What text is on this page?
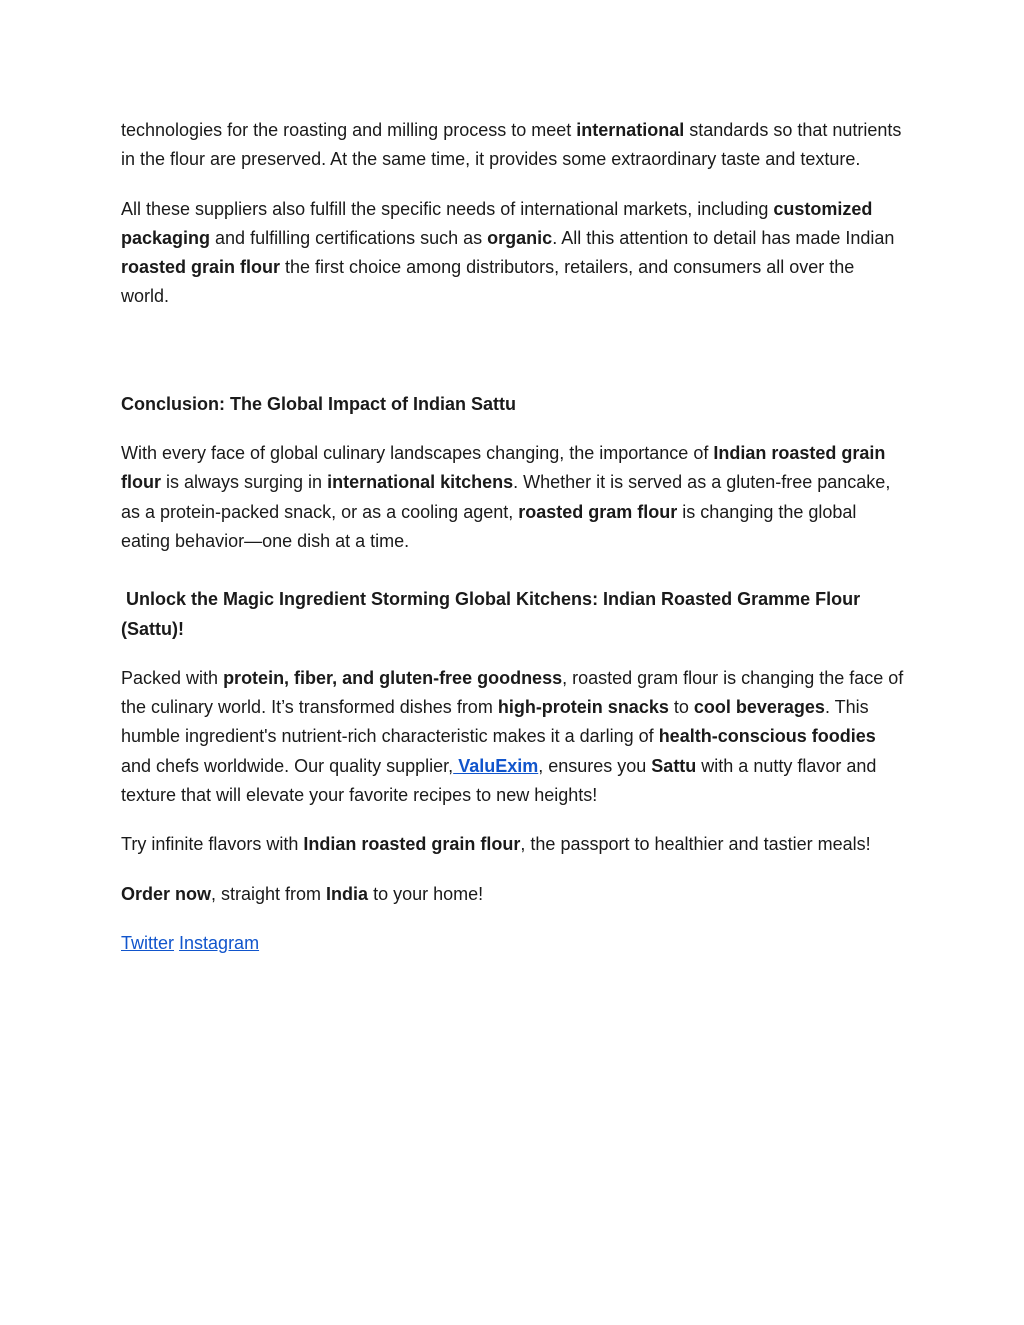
technologies for the roasting and milling process to meet international standards so that nutrients in the flour are preserved. At the same time, it provides some extraordinary taste and texture.

All these suppliers also fulfill the specific needs of international markets, including customized packaging and fulfilling certifications such as organic. All this attention to detail has made Indian roasted grain flour the first choice among distributors, retailers, and consumers all over the world.

Conclusion: The Global Impact of Indian Sattu

With every face of global culinary landscapes changing, the importance of Indian roasted grain flour is always surging in international kitchens. Whether it is served as a gluten-free pancake, as a protein-packed snack, or as a cooling agent, roasted gram flour is changing the global eating behavior—one dish at a time.

Unlock the Magic Ingredient Storming Global Kitchens: Indian Roasted Gramme Flour (Sattu)!

Packed with protein, fiber, and gluten-free goodness, roasted gram flour is changing the face of the culinary world. It’s transformed dishes from high-protein snacks to cool beverages. This humble ingredient's nutrient-rich characteristic makes it a darling of health-conscious foodies and chefs worldwide. Our quality supplier, ValuExim, ensures you Sattu with a nutty flavor and texture that will elevate your favorite recipes to new heights!

Try infinite flavors with Indian roasted grain flour, the passport to healthier and tastier meals!

Order now, straight from India to your home!

Twitter Instagram
